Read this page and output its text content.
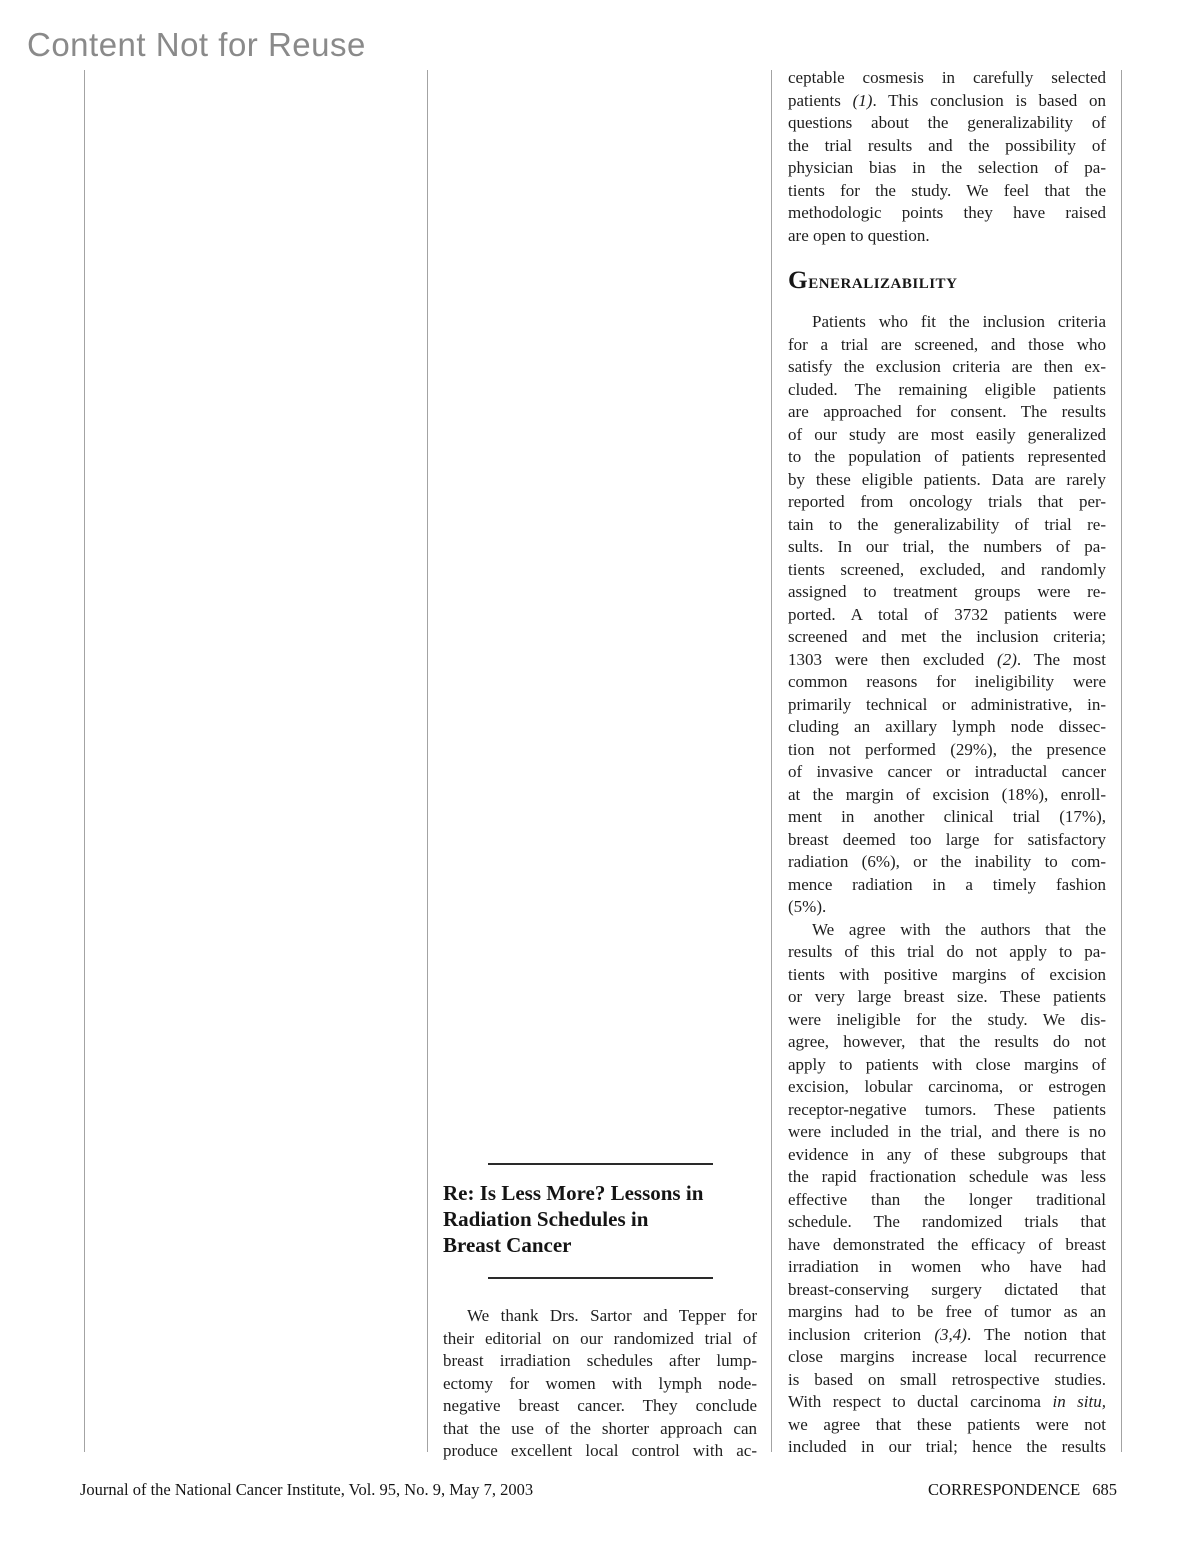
Content Not for Reuse
Re: Is Less More? Lessons in
Radiation Schedules in
Breast Cancer
We thank Drs. Sartor and Tepper for
their editorial on our randomized trial of
breast irradiation schedules after lump-
ectomy for women with lymph node-
negative breast cancer. They conclude
that the use of the shorter approach can
produce excellent local control with ac-
ceptable cosmesis in carefully selected
patients (1). This conclusion is based on
questions about the generalizability of
the trial results and the possibility of
physician bias in the selection of pa-
tients for the study. We feel that the
methodologic points they have raised
are open to question.
Generalizability
Patients who fit the inclusion criteria
for a trial are screened, and those who
satisfy the exclusion criteria are then ex-
cluded. The remaining eligible patients
are approached for consent. The results
of our study are most easily generalized
to the population of patients represented
by these eligible patients. Data are rarely
reported from oncology trials that per-
tain to the generalizability of trial re-
sults. In our trial, the numbers of pa-
tients screened, excluded, and randomly
assigned to treatment groups were re-
ported. A total of 3732 patients were
screened and met the inclusion criteria;
1303 were then excluded (2). The most
common reasons for ineligibility were
primarily technical or administrative, in-
cluding an axillary lymph node dissec-
tion not performed (29%), the presence
of invasive cancer or intraductal cancer
at the margin of excision (18%), enroll-
ment in another clinical trial (17%),
breast deemed too large for satisfactory
radiation (6%), or the inability to com-
mence radiation in a timely fashion
(5%).
We agree with the authors that the
results of this trial do not apply to pa-
tients with positive margins of excision
or very large breast size. These patients
were ineligible for the study. We dis-
agree, however, that the results do not
apply to patients with close margins of
excision, lobular carcinoma, or estrogen
receptor-negative tumors. These patients
were included in the trial, and there is no
evidence in any of these subgroups that
the rapid fractionation schedule was less
effective than the longer traditional
schedule. The randomized trials that
have demonstrated the efficacy of breast
irradiation in women who have had
breast-conserving surgery dictated that
margins had to be free of tumor as an
inclusion criterion (3,4). The notion that
close margins increase local recurrence
is based on small retrospective studies.
With respect to ductal carcinoma in situ,
we agree that these patients were not
included in our trial; hence the results
Journal of the National Cancer Institute, Vol. 95, No. 9, May 7, 2003	CORRESPONDENCE 685
